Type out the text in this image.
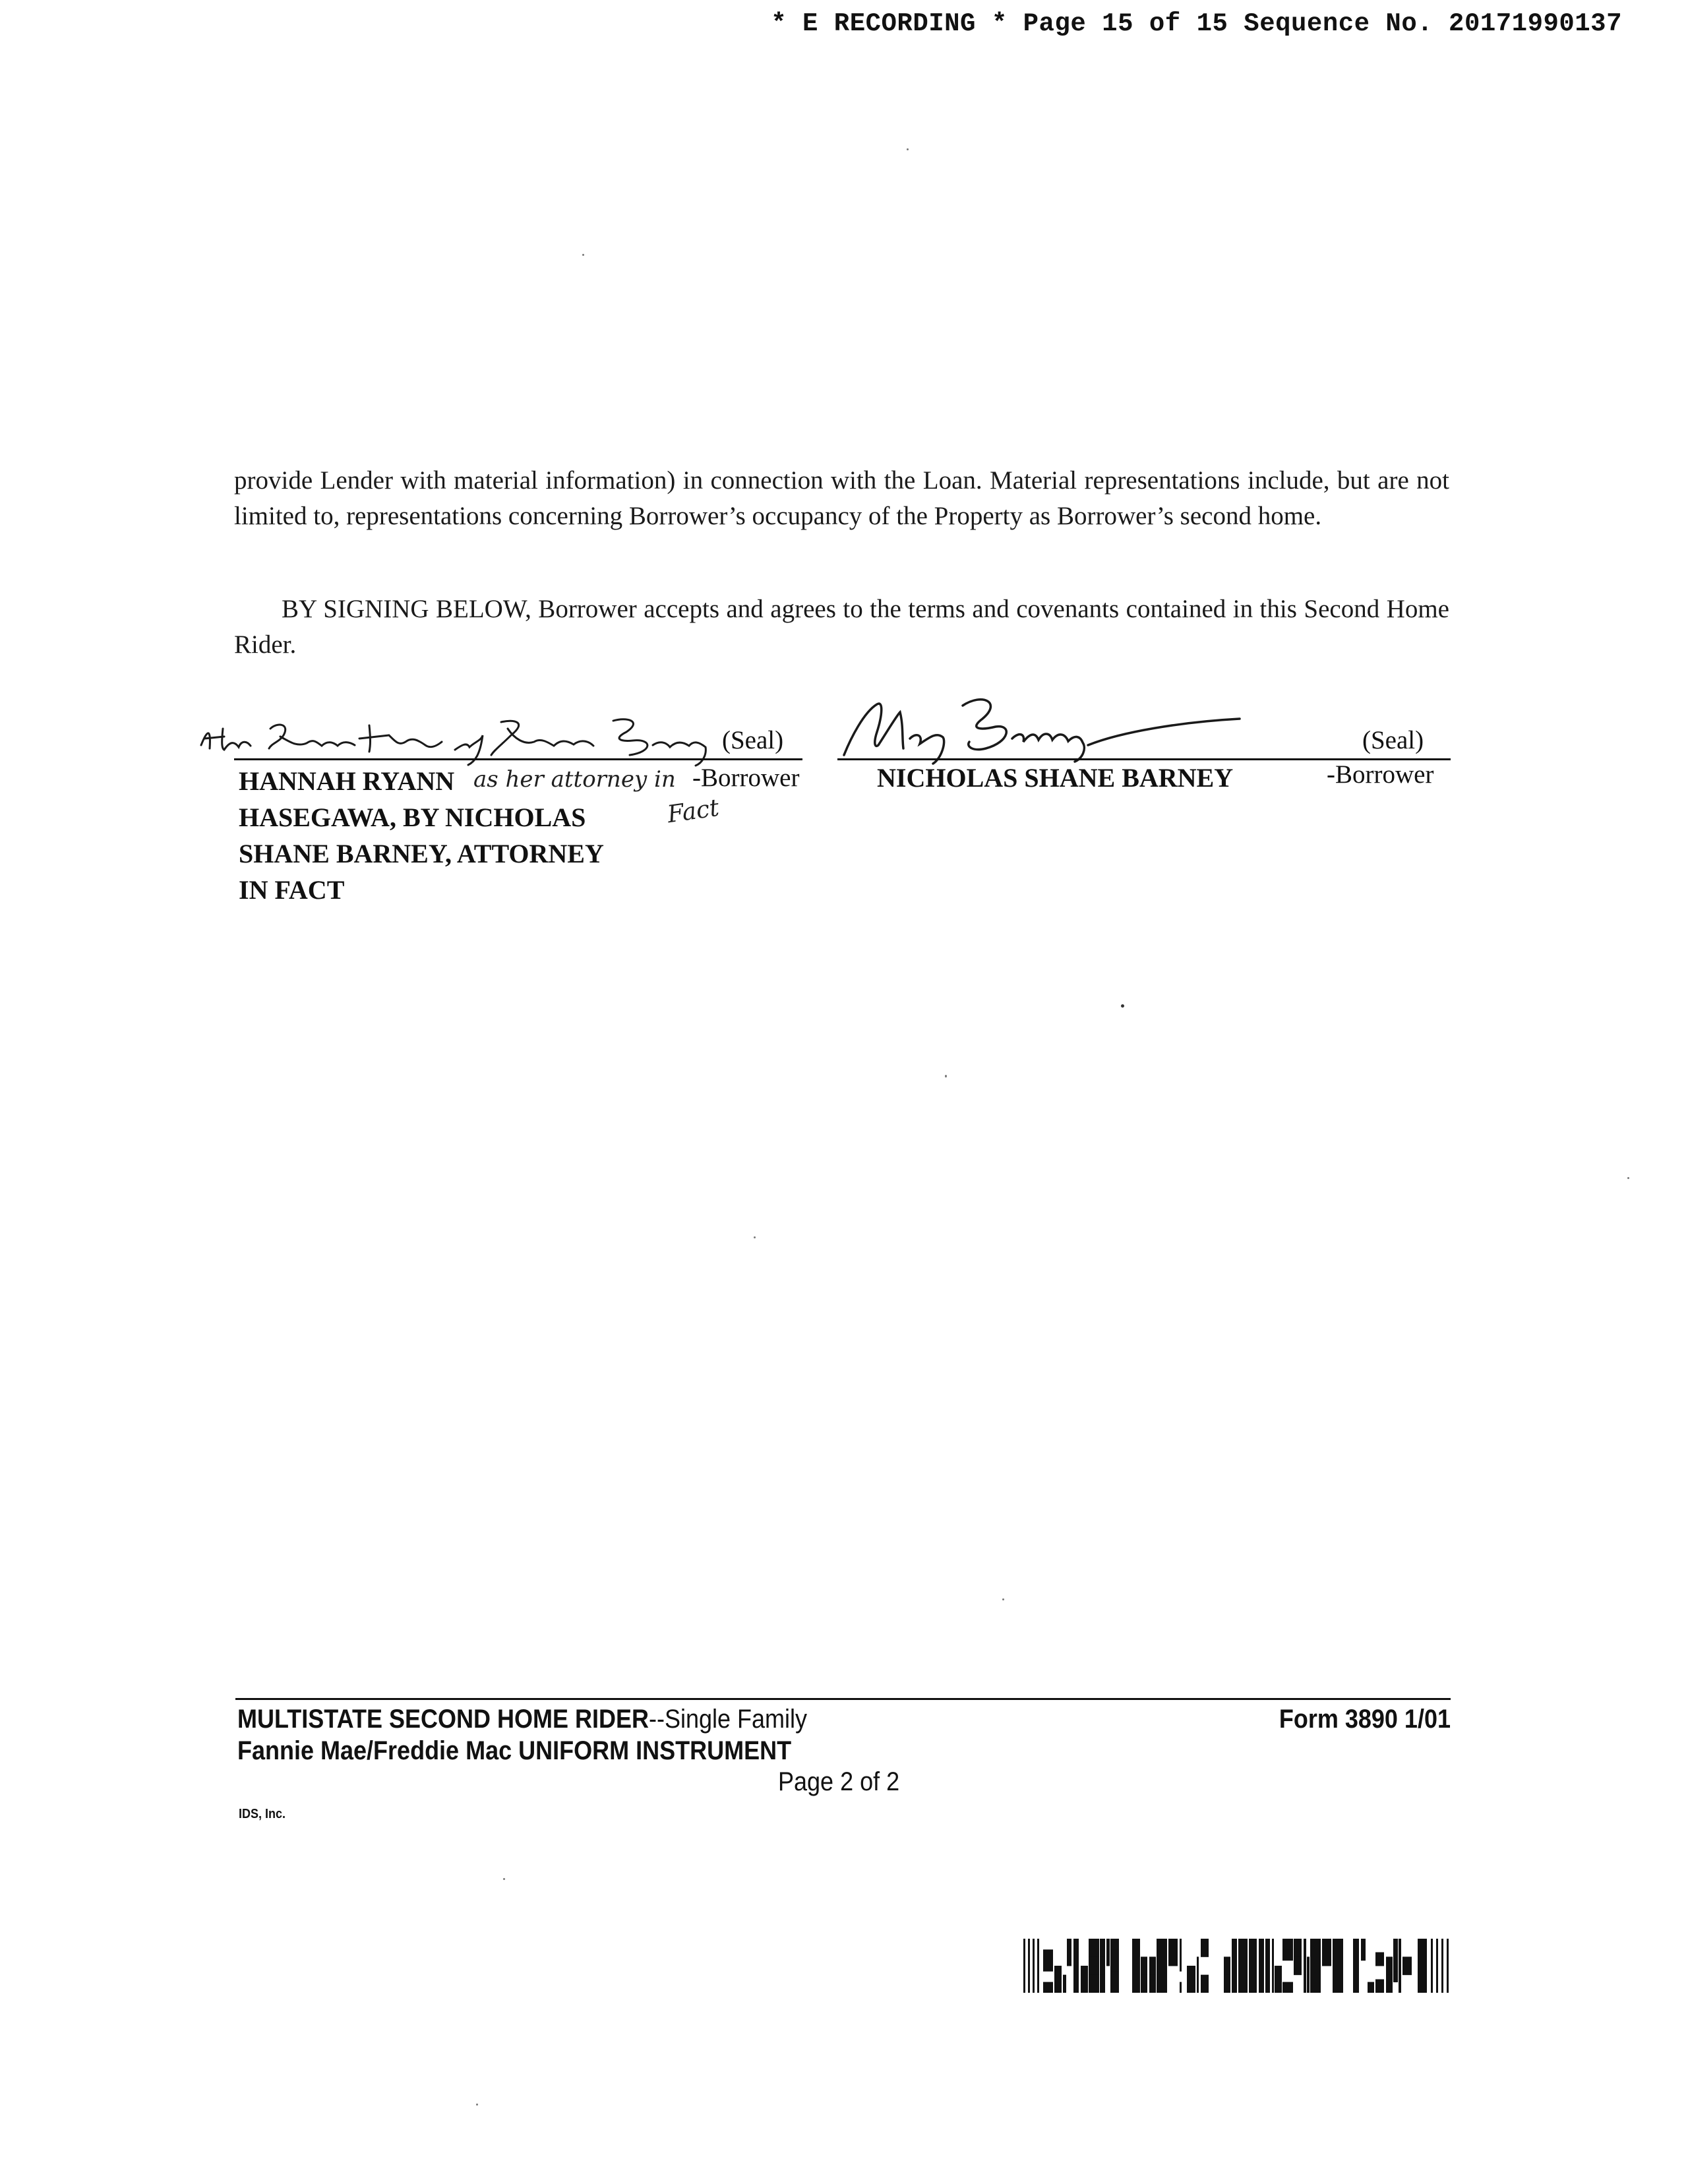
* E RECORDING * Page 15 of 15 Sequence No. 20171990137
provide Lender with material information) in connection with the Loan. Material representations include, but are not limited to, representations concerning Borrower’s occupancy of the Property as Borrower’s second home.
BY SIGNING BELOW, Borrower accepts and agrees to the terms and covenants contained in this Second Home Rider.
(Seal)
-Borrower
HANNAH RYANN
HASEGAWA, BY NICHOLAS
SHANE BARNEY, ATTORNEY
IN FACT
as her attorney in
Fact
(Seal)
NICHOLAS SHANE BARNEY	-Borrower
MULTISTATE SECOND HOME RIDER--Single Family
Fannie Mae/Freddie Mac UNIFORM INSTRUMENT
Form 3890 1/01
Page 2 of 2
IDS, Inc.
